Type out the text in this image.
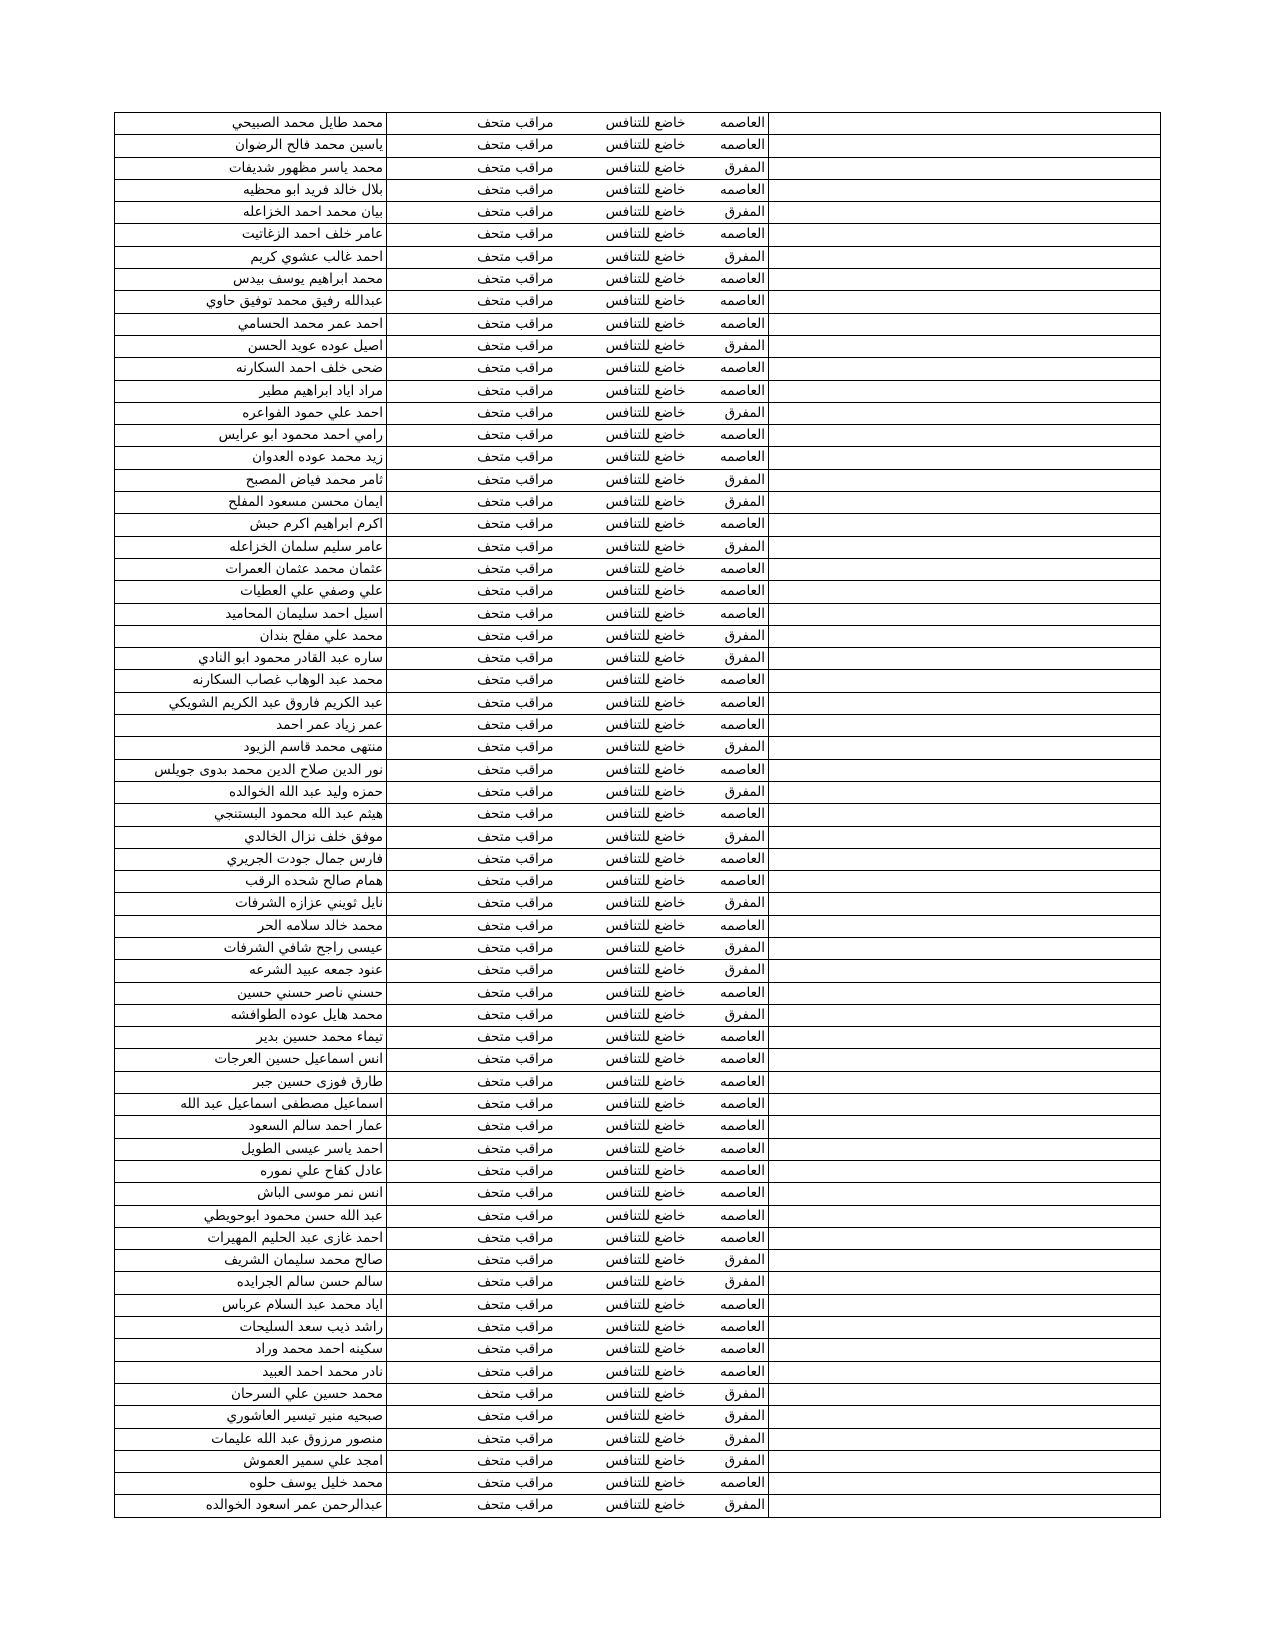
محمد طايل محمد الصبيحي	مراقب متحف	خاضع للتنافس	العاصمه	
ياسين محمد فالح الرضوان	مراقب متحف	خاضع للتنافس	العاصمه	
محمد ياسر مظهور شديفات	مراقب متحف	خاضع للتنافس	المفرق	
بلال خالد فريد ابو محظيه	مراقب متحف	خاضع للتنافس	العاصمه	
بيان محمد احمد الخزاعله	مراقب متحف	خاضع للتنافس	المفرق	
عامر خلف احمد الزغاتيت	مراقب متحف	خاضع للتنافس	العاصمه	
احمد غالب عشوي كريم	مراقب متحف	خاضع للتنافس	المفرق	
محمد ابراهيم يوسف بيدس	مراقب متحف	خاضع للتنافس	العاصمه	
عبدالله رفيق محمد توفيق حاوي	مراقب متحف	خاضع للتنافس	العاصمه	
احمد عمر محمد الحسامي	مراقب متحف	خاضع للتنافس	العاصمه	
اصيل عوده عويد الحسن	مراقب متحف	خاضع للتنافس	المفرق	
ضحى خلف احمد السكارنه	مراقب متحف	خاضع للتنافس	العاصمه	
مراد اياد ابراهيم مطير	مراقب متحف	خاضع للتنافس	العاصمه	
احمد علي حمود الفواعره	مراقب متحف	خاضع للتنافس	المفرق	
رامي احمد محمود ابو عرايس	مراقب متحف	خاضع للتنافس	العاصمه	
زيد محمد عوده العدوان	مراقب متحف	خاضع للتنافس	العاصمه	
ثامر محمد فياض المصبح	مراقب متحف	خاضع للتنافس	المفرق	
ايمان محسن مسعود المفلح	مراقب متحف	خاضع للتنافس	المفرق	
اكرم ابراهيم اكرم حبش	مراقب متحف	خاضع للتنافس	العاصمه	
عامر سليم سلمان الخزاعله	مراقب متحف	خاضع للتنافس	المفرق	
عثمان محمد عثمان العمرات	مراقب متحف	خاضع للتنافس	العاصمه	
علي وصفي علي العطيات	مراقب متحف	خاضع للتنافس	العاصمه	
اسيل احمد سليمان المحاميد	مراقب متحف	خاضع للتنافس	العاصمه	
محمد علي مفلح بندان	مراقب متحف	خاضع للتنافس	المفرق	
ساره عبد القادر محمود ابو النادي	مراقب متحف	خاضع للتنافس	المفرق	
محمد عبد الوهاب غصاب السكارنه	مراقب متحف	خاضع للتنافس	العاصمه	
عبد الكريم فاروق عبد الكريم الشويكي	مراقب متحف	خاضع للتنافس	العاصمه	
عمر زياد عمر احمد	مراقب متحف	خاضع للتنافس	العاصمه	
منتهى محمد قاسم الزيود	مراقب متحف	خاضع للتنافس	المفرق	
نور الدين صلاح الدين محمد بدوى جويلس	مراقب متحف	خاضع للتنافس	العاصمه	
حمزه وليد عبد الله الخوالده	مراقب متحف	خاضع للتنافس	المفرق	
هيثم عبد الله محمود البستنجي	مراقب متحف	خاضع للتنافس	العاصمه	
موفق خلف نزال الخالدي	مراقب متحف	خاضع للتنافس	المفرق	
فارس جمال جودت الجريري	مراقب متحف	خاضع للتنافس	العاصمه	
همام صالح شحده الرقب	مراقب متحف	خاضع للتنافس	العاصمه	
نايل ثويني عزازه الشرفات	مراقب متحف	خاضع للتنافس	المفرق	
محمد خالد سلامه الحر	مراقب متحف	خاضع للتنافس	العاصمه	
عيسى راجح شافي الشرفات	مراقب متحف	خاضع للتنافس	المفرق	
عنود جمعه عبيد الشرعه	مراقب متحف	خاضع للتنافس	المفرق	
حسني ناصر حسني حسين	مراقب متحف	خاضع للتنافس	العاصمه	
محمد هايل عوده الطوافشه	مراقب متحف	خاضع للتنافس	المفرق	
تيماء محمد حسين بدير	مراقب متحف	خاضع للتنافس	العاصمه	
انس اسماعيل حسين العرجات	مراقب متحف	خاضع للتنافس	العاصمه	
طارق فوزى حسين جبر	مراقب متحف	خاضع للتنافس	العاصمه	
اسماعيل مصطفى اسماعيل عبد الله	مراقب متحف	خاضع للتنافس	العاصمه	
عمار احمد سالم السعود	مراقب متحف	خاضع للتنافس	العاصمه	
احمد ياسر عيسى الطويل	مراقب متحف	خاضع للتنافس	العاصمه	
عادل كفاح علي نموره	مراقب متحف	خاضع للتنافس	العاصمه	
انس نمر موسى الباش	مراقب متحف	خاضع للتنافس	العاصمه	
عبد الله حسن محمود ابوحويطي	مراقب متحف	خاضع للتنافس	العاصمه	
احمد غازى عبد الحليم المهيرات	مراقب متحف	خاضع للتنافس	العاصمه	
صالح محمد سليمان الشريف	مراقب متحف	خاضع للتنافس	المفرق	
سالم حسن سالم الجرايده	مراقب متحف	خاضع للتنافس	المفرق	
اياد محمد عبد السلام عرباس	مراقب متحف	خاضع للتنافس	العاصمه	
راشد ذيب سعد السليحات	مراقب متحف	خاضع للتنافس	العاصمه	
سكينه احمد محمد وراد	مراقب متحف	خاضع للتنافس	العاصمه	
نادر محمد احمد العبيد	مراقب متحف	خاضع للتنافس	العاصمه	
محمد حسين علي السرحان	مراقب متحف	خاضع للتنافس	المفرق	
صبحيه منير تيسير العاشوري	مراقب متحف	خاضع للتنافس	المفرق	
منصور مرزوق عبد الله عليمات	مراقب متحف	خاضع للتنافس	المفرق	
امجد علي سمير العموش	مراقب متحف	خاضع للتنافس	المفرق	
محمد خليل يوسف حلوه	مراقب متحف	خاضع للتنافس	العاصمه	
عبدالرحمن عمر اسعود الخوالده	مراقب متحف	خاضع للتنافس	المفرق	
